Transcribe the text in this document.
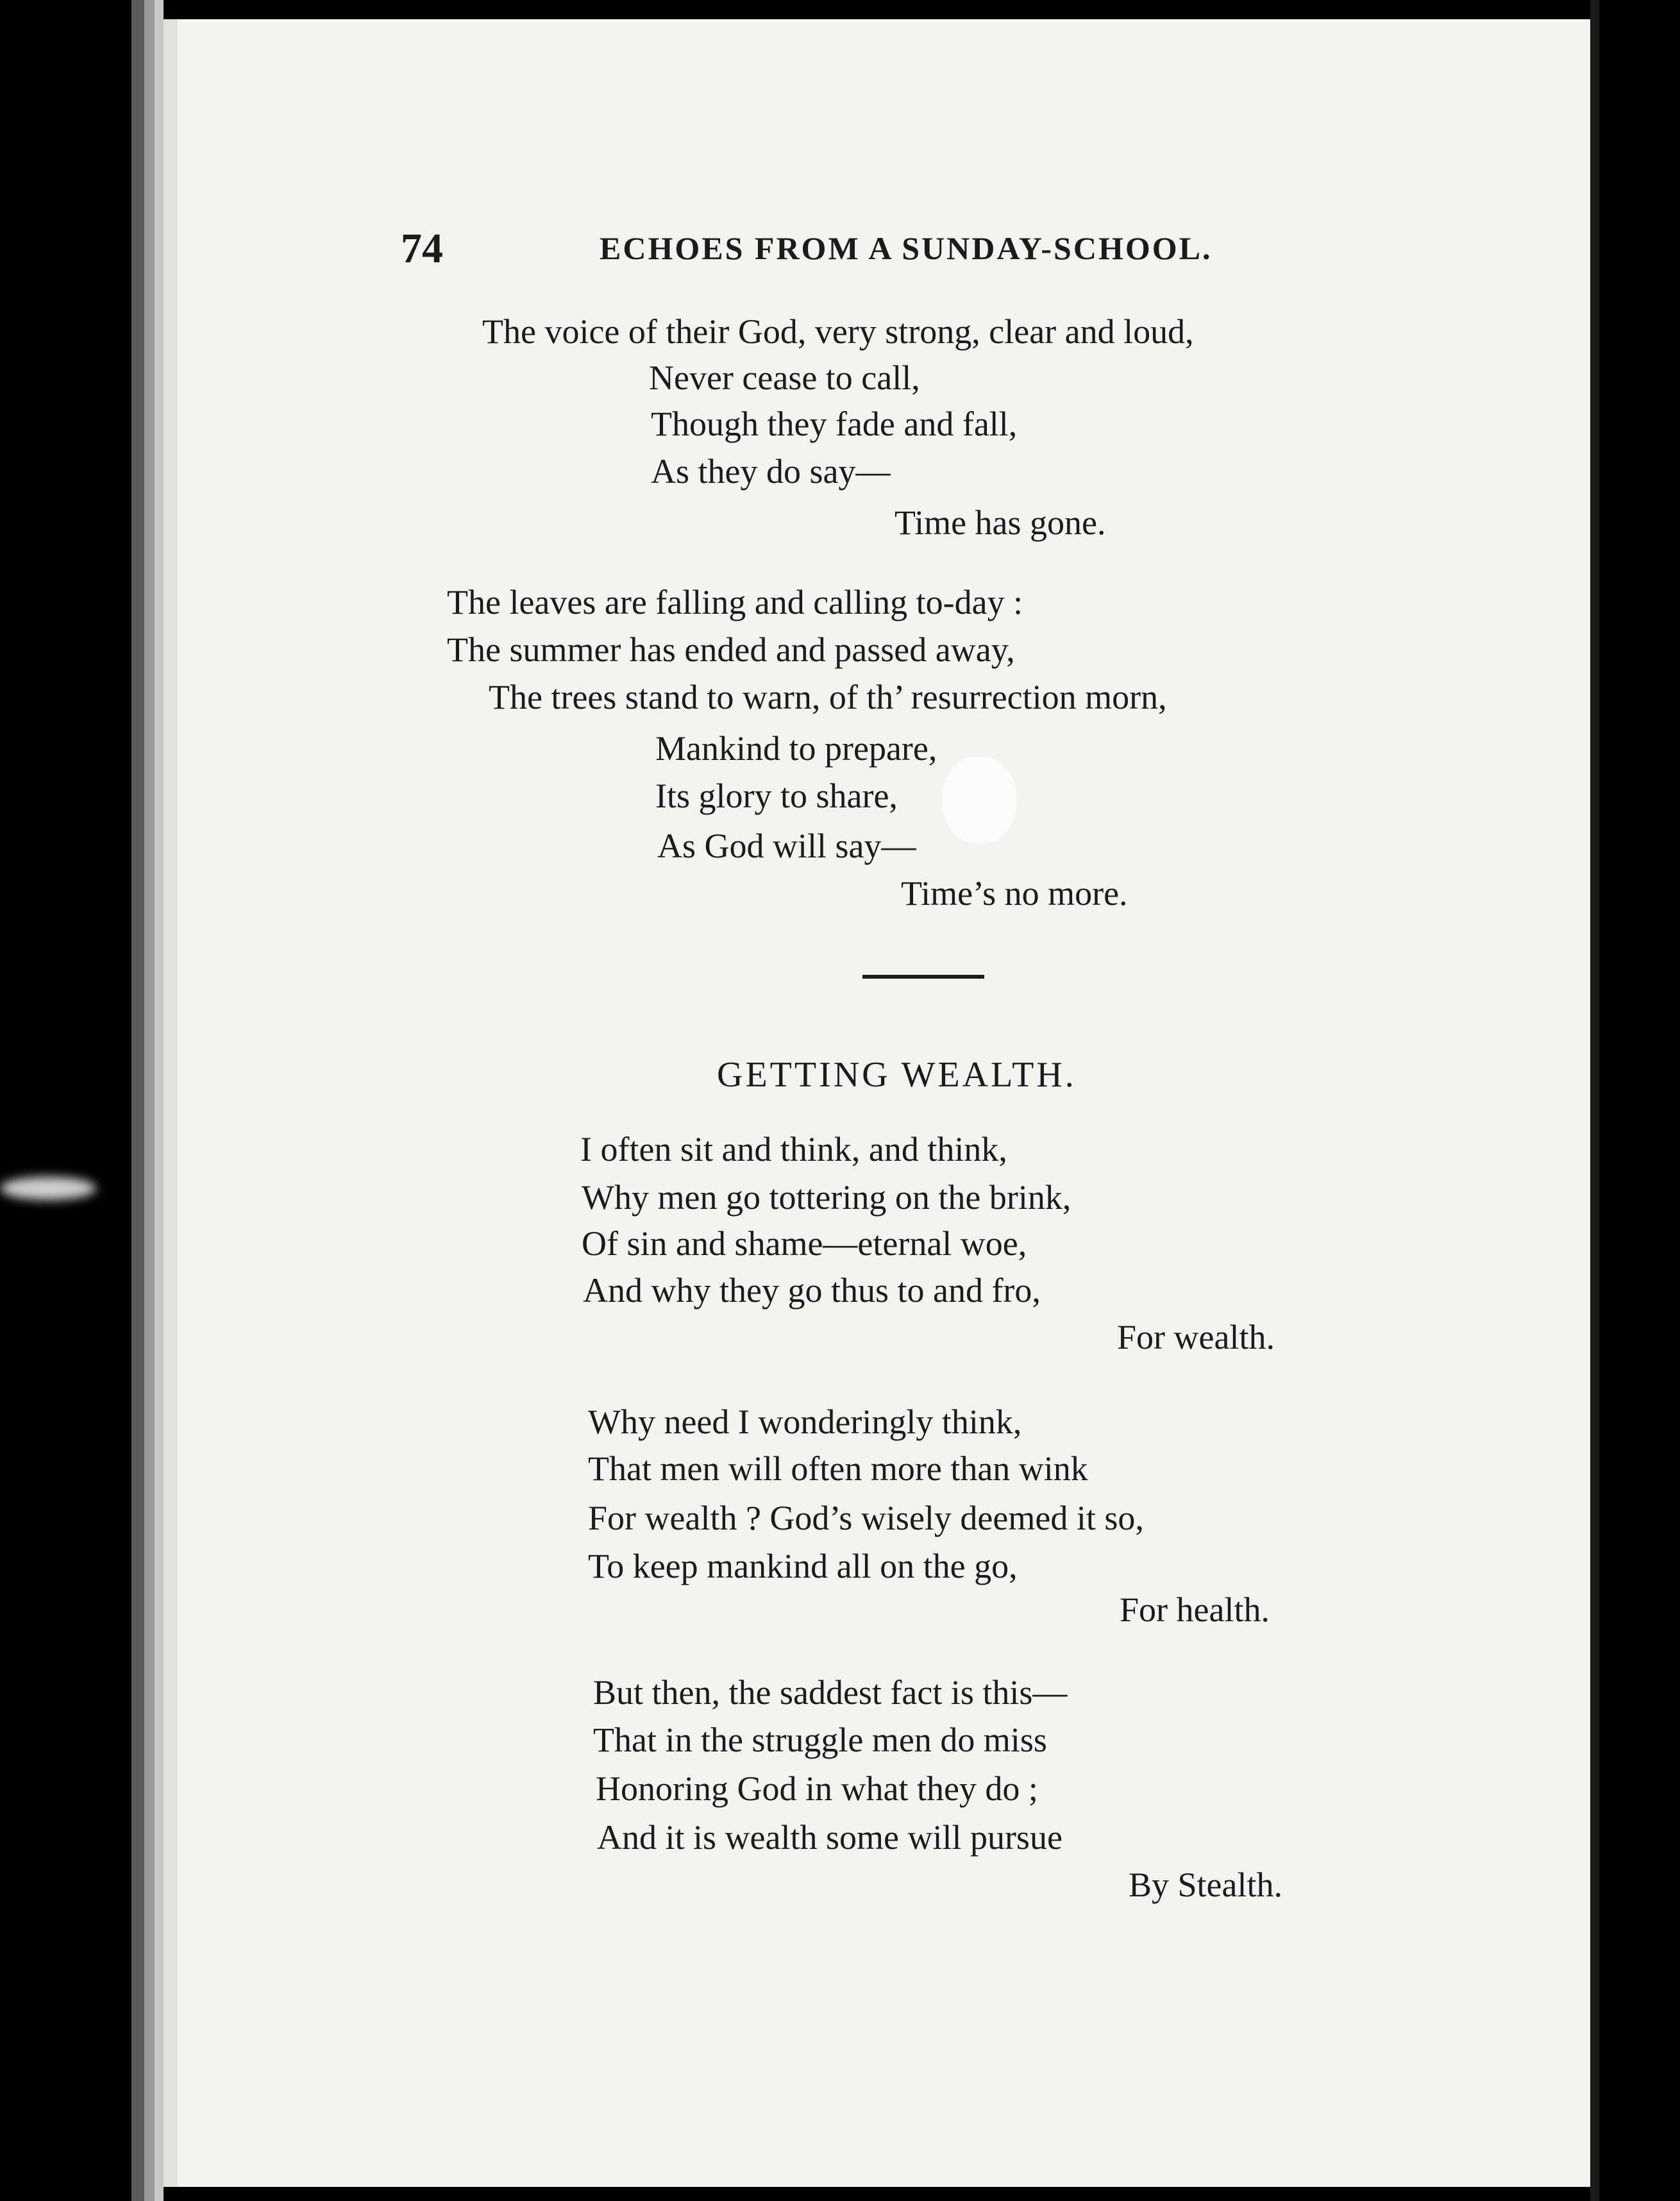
74	ECHOES FROM A SUNDAY-SCHOOL.
The voice of their God, very strong, clear and loud,
Never cease to call,
Though they fade and fall,
As they do say—
Time has gone.
The leaves are falling and calling to-day :
The summer has ended and passed away,
The trees stand to warn, of th’ resurrection morn,
Mankind to prepare,
Its glory to share,
As God will say—
Time’s no more.
GETTING WEALTH.
I often sit and think, and think,
Why men go tottering on the brink,
Of sin and shame—eternal woe,
And why they go thus to and fro,
For wealth.
Why need I wonderingly think,
That men will often more than wink
For wealth ? God’s wisely deemed it so,
To keep mankind all on the go,
For health.
But then, the saddest fact is this—
That in the struggle men do miss
Honoring God in what they do ;
And it is wealth some will pursue
By Stealth.
